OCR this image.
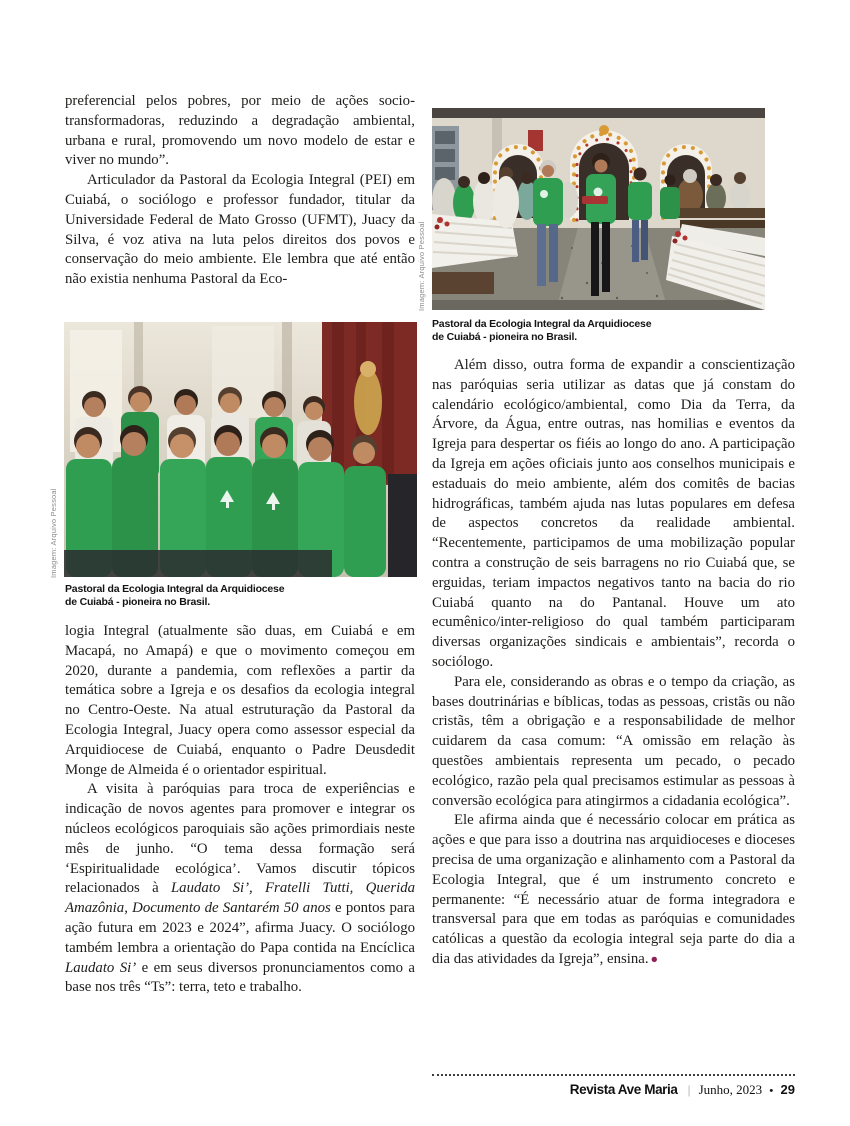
preferencial pelos pobres, por meio de ações socio-transformadoras, reduzindo a degradação ambiental, urbana e rural, promovendo um novo modelo de estar e viver no mundo”.

Articulador da Pastoral da Ecologia Integral (PEI) em Cuiabá, o sociólogo e professor fundador, titular da Universidade Federal de Mato Grosso (UFMT), Juacy da Silva, é voz ativa na luta pelos direitos dos povos e conservação do meio ambiente. Ele lembra que até então não existia nenhuma Pastoral da Eco-

Imagem: Arquivo Pessoal
Pastoral da Ecologia Integral da Arquidiocese
de Cuiabá - pioneira no Brasil.

logia Integral (atualmente são duas, em Cuiabá e em Macapá, no Amapá) e que o movimento começou em 2020, durante a pandemia, com reflexões a partir da temática sobre a Igreja e os desafios da ecologia integral no Centro-Oeste. Na atual estruturação da Pastoral da Ecologia Integral, Juacy opera como assessor especial da Arquidiocese de Cuiabá, enquanto o Padre Deusdedit Monge de Almeida é o orientador espiritual.

A visita à paróquias para troca de experiências e indicação de novos agentes para promover e integrar os núcleos ecológicos paroquiais são ações primordiais neste mês de junho. “O tema dessa formação será ‘Espiritualidade ecológica’. Vamos discutir tópicos relacionados à Laudato Si’, Fratelli Tutti, Querida Amazônia, Documento de Santarém 50 anos e pontos para ação futura em 2023 e 2024”, afirma Juacy. O sociólogo também lembra a orientação do Papa contida na Encíclica Laudato Si’ e em seus diversos pronunciamentos como a base nos três “Ts”: terra, teto e trabalho.

Imagem: Arquivo Pessoal
Pastoral da Ecologia Integral da Arquidiocese
de Cuiabá - pioneira no Brasil.

Além disso, outra forma de expandir a conscientização nas paróquias seria utilizar as datas que já constam do calendário ecológico/ambiental, como Dia da Terra, da Árvore, da Água, entre outras, nas homilias e eventos da Igreja para despertar os fiéis ao longo do ano. A participação da Igreja em ações oficiais junto aos conselhos municipais e estaduais do meio ambiente, além dos comitês de bacias hidrográficas, também ajuda nas lutas populares em defesa de aspectos concretos da realidade ambiental. “Recentemente, participamos de uma mobilização popular contra a construção de seis barragens no rio Cuiabá que, se erguidas, teriam impactos negativos tanto na bacia do rio Cuiabá quanto na do Pantanal. Houve um ato ecumênico/inter-religioso do qual também participaram diversas organizações sindicais e ambientais”, recorda o sociólogo.

Para ele, considerando as obras e o tempo da criação, as bases doutrinárias e bíblicas, todas as pessoas, cristãs ou não cristãs, têm a obrigação e a responsabilidade de melhor cuidarem da casa comum: “A omissão em relação às questões ambientais representa um pecado, o pecado ecológico, razão pela qual precisamos estimular as pessoas à conversão ecológica para atingirmos a cidadania ecológica”.

Ele afirma ainda que é necessário colocar em prática as ações e que para isso a doutrina nas arquidioceses e dioceses precisa de uma organização e alinhamento com a Pastoral da Ecologia Integral, que é um instrumento concreto e permanente: “É necessário atuar de forma integradora e transversal para que em todas as paróquias e comunidades católicas a questão da ecologia integral seja parte do dia a dia das atividades da Igreja”, ensina. ●

Revista Ave Maria | Junho, 2023 • 29
